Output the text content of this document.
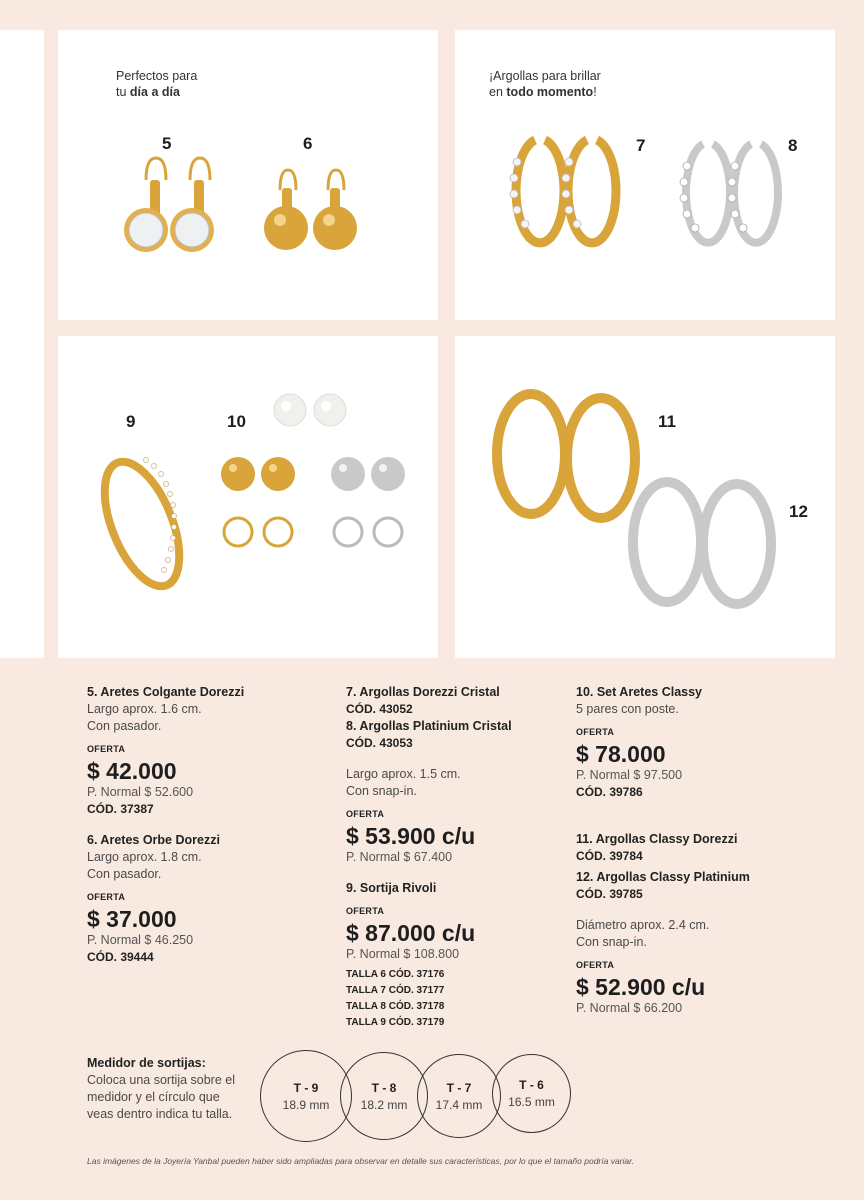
Perfectos para
tu día a día
5	6
¡Argollas para brillar
en todo momento!
7	8
9	10	11
12
5. Aretes Colgante Dorezzi
Largo aprox. 1.6 cm.
Con pasador.
OFERTA
$ 42.000
P. Normal $ 52.600
CÓD. 37387
6. Aretes Orbe Dorezzi
Largo aprox. 1.8 cm.
Con pasador.
OFERTA
$ 37.000
P. Normal $ 46.250
CÓD. 39444
7. Argollas Dorezzi Cristal
CÓD. 43052
8. Argollas Platinium Cristal
CÓD. 43053
Largo aprox. 1.5 cm.
Con snap-in.
OFERTA
$ 53.900 c/u
P. Normal $ 67.400
9. Sortija Rivoli
OFERTA
$ 87.000 c/u
P. Normal $ 108.800
TALLA 6 CÓD. 37176
TALLA 7 CÓD. 37177
TALLA 8 CÓD. 37178
TALLA 9 CÓD. 37179
10. Set Aretes Classy
5 pares con poste.
OFERTA
$ 78.000
P. Normal $ 97.500
CÓD. 39786
11. Argollas Classy Dorezzi
CÓD. 39784
12. Argollas Classy Platinium
CÓD. 39785
Diámetro aprox. 2.4 cm.
Con snap-in.
OFERTA
$ 52.900 c/u
P. Normal $ 66.200
Medidor de sortijas:
Coloca una sortija sobre el medidor y el círculo que veas dentro indica tu talla.
T - 9
18.9 mm
T - 8
18.2 mm
T - 7
17.4 mm
T - 6
16.5 mm
Las imágenes de la Joyería Yanbal pueden haber sido ampliadas para observar en detalle sus características, por lo que el tamaño podría variar.
